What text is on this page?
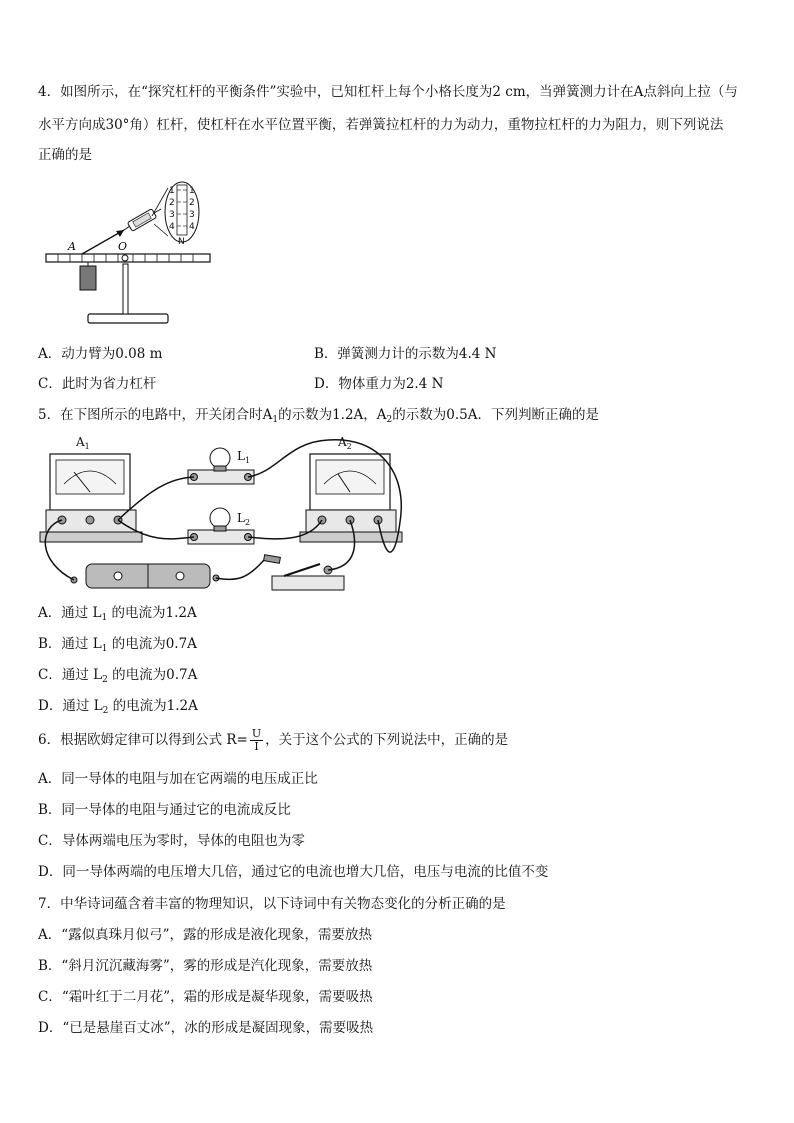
4．如图所示，在“探究杠杆的平衡条件”实验中，已知杠杆上每个小格长度为2 cm，当弹簧测力计在A点斜向上拉（与
水平方向成30°角）杠杆，使杠杆在水平位置平衡，若弹簧拉杠杆的力为动力，重物拉杠杆的力为阻力，则下列说法
正确的是
1
2
3
4
1
2
3
4
N
A	O
A．动力臂为0.08 m	B．弹簧测力计的示数为4.4 N
C．此时为省力杠杆	D．物体重力为2.4 N
5．在下图所示的电路中，开关闭合时$A_1$的示数为1.2A，$A_2$的示数为0.5A．下列判断正确的是
$A_1$	$A_2$
$L_1$
$L_2$
A．通过 $L_1$ 的电流为1.2A
B．通过 $L_1$ 的电流为0.7A
C．通过 $L_2$ 的电流为0.7A
D．通过 $L_2$ 的电流为1.2A
6．根据欧姆定律可以得到公式 $R= \frac{U}{I}$ ，关于这个公式的下列说法中，正确的是
A．同一导体的电阻与加在它两端的电压成正比
B．同一导体的电阻与通过它的电流成反比
C．导体两端电压为零时，导体的电阻也为零
D．同一导体两端的电压增大几倍，通过它的电流也增大几倍，电压与电流的比值不变
7．中华诗词蕴含着丰富的物理知识，以下诗词中有关物态变化的分析正确的是
A．“露似真珠月似弓”，露的形成是液化现象，需要放热
B．“斜月沉沉藏海雾”，雾的形成是汽化现象，需要放热
C．“霜叶红于二月花”，霜的形成是凝华现象，需要吸热
D．“已是悬崖百丈冰”，冰的形成是凝固现象，需要吸热
